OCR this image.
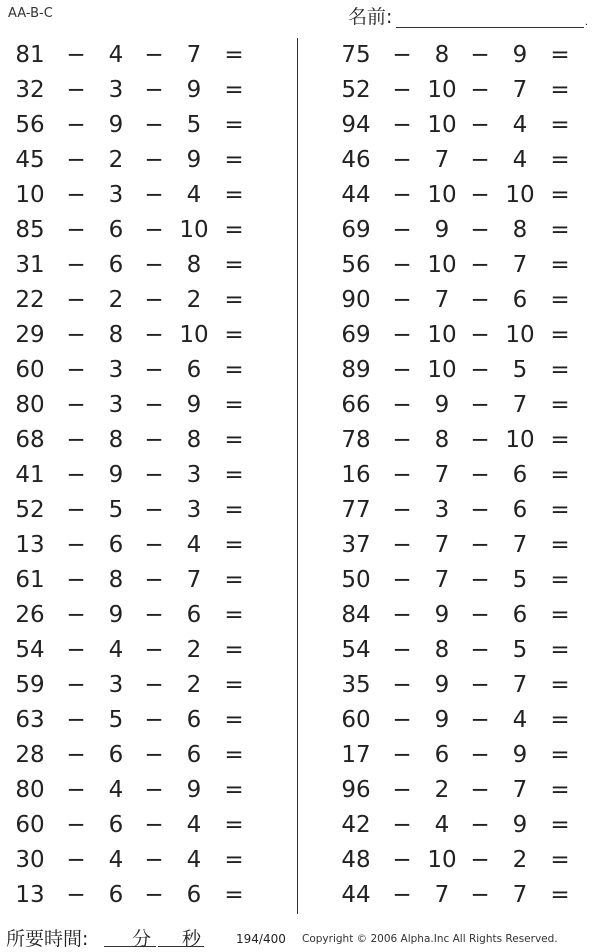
AA-B-C	名前:	.
81 −	4 −	7	=
32 −	3 −	9	=
56 −	9 −	5	=
45 −	2 −	9	=
10 −	3 −	4	=
85 −	6 − 10 =
31 −	6 −	8	=
22 −	2 −	2	=
29 −	8 − 10 =
60 −	3 −	6	=
80 −	3 −	9	=
68 −	8 −	8	=
41 −	9 −	3	=
52 −	5 −	3	=
13 −	6 −	4	=
61 −	8 −	7	=
26 −	9 −	6	=
54 −	4 −	2	=
59 −	3 −	2	=
63 −	5 −	6	=
28 −	6 −	6	=
80 −	4 −	9	=
60 −	6 −	4	=
30 −	4 −	4	=
13 −	6 −	6	=
75 −	8 −	9	=
52 − 10 −	7	=
94 − 10 −	4	=
46 −	7 −	4	=
44 − 10 − 10 =
69 −	9 −	8	=
56 − 10 −	7	=
90 −	7 −	6	=
69 − 10 − 10 =
89 − 10 −	5	=
66 −	9 −	7	=
78 −	8 − 10 =
16 −	7 −	6	=
77 −	3 −	6	=
37 −	7 −	7	=
50 −	7 −	5	=
84 −	9 −	6	=
54 −	8 −	5	=
35 −	9 −	7	=
60 −	9 −	4	=
17 −	6 −	9	=
96 −	2 −	7	=
42 −	4 −	9	=
48 − 10 −	2	=
44 −	7 −	7	=
所要時間: 分 秒	194/400 Copyright © 2006 Alpha.Inc All Rights Reserved.
